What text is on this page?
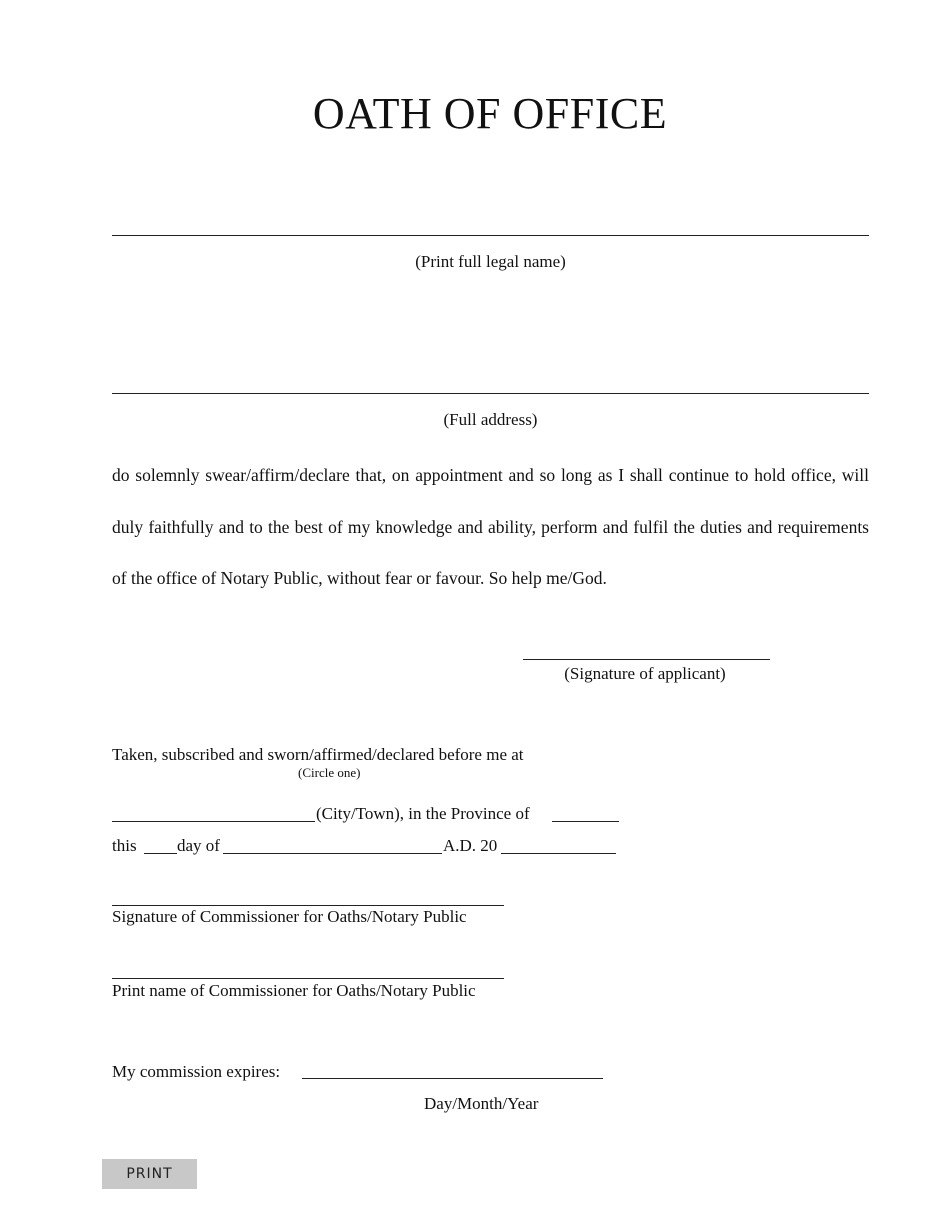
OATH OF OFFICE
(Print full legal name)
(Full address)
do solemnly swear/affirm/declare that, on appointment and so long as I shall continue to hold office, will duly faithfully and to the best of my knowledge and ability, perform and fulfil the duties and requirements of the office of Notary Public, without fear or favour. So help me/God.
(Signature of applicant)
Taken, subscribed and sworn/affirmed/declared before me at
(Circle one)
(City/Town), in the Province of
this day of	A.D. 20
Signature of Commissioner for Oaths/Notary Public
Print name of Commissioner for Oaths/Notary Public
My commission expires:
Day/Month/Year
PRINT
